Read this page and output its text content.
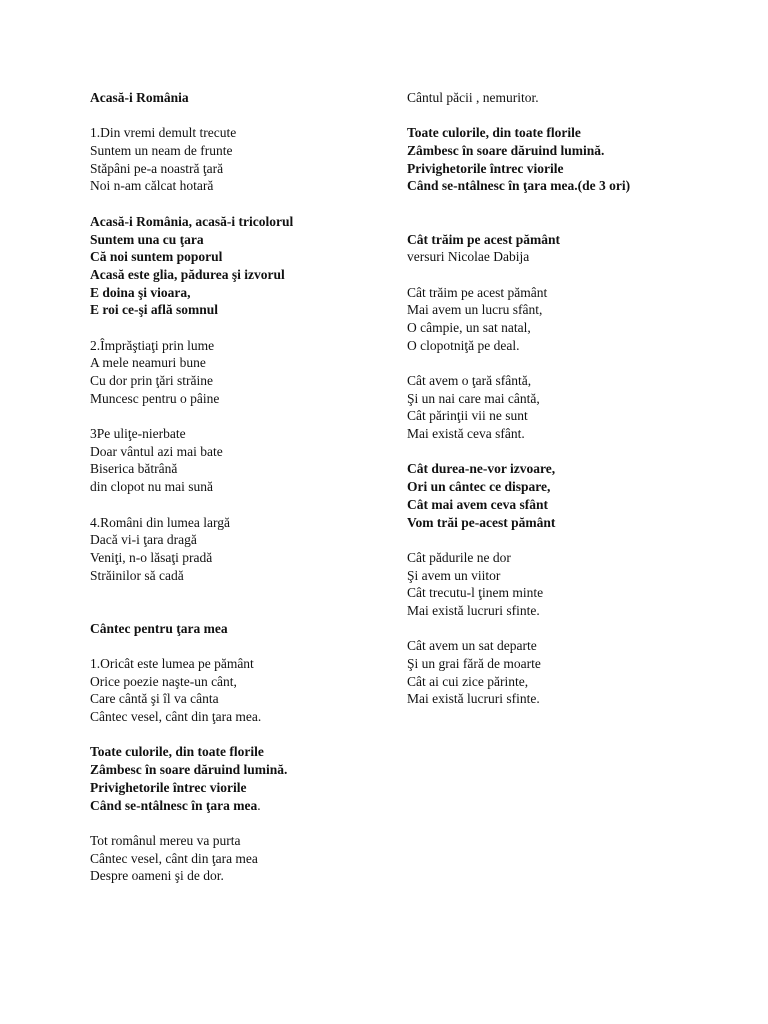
Acasă-i România
1.Din vremi demult trecute
Suntem un neam de frunte
Stăpâni pe-a noastră ţară
Noi n-am călcat hotară
Acasă-i România, acasă-i tricolorul
Suntem una cu ţara
Că noi suntem poporul
Acasă este glia, pădurea şi izvorul
E doina şi vioara,
E roi ce-şi află somnul
2.Împrăştiaţi prin lume
A mele neamuri bune
Cu dor prin ţări străine
Muncesc pentru o pâine
3Pe uliţe-nierbate
Doar vântul azi mai bate
Biserica bătrână
din clopot nu mai sună
4.Români din lumea largă
Dacă vi-i ţara dragă
Veniţi, n-o lăsaţi pradă
Străinilor să cadă
Cântec pentru ţara mea
1.Oricât este lumea pe pământ
Orice poezie naşte-un cânt,
Care cântă şi îl va cânta
Cântec vesel, cânt din ţara mea.
Toate culorile, din toate florile
Zâmbesc în soare dăruind lumină.
Privighetorile întrec viorile
Când se-ntâlnesc în ţara mea.
Tot românul mereu va purta
Cântec vesel, cânt din ţara mea
Despre oameni şi de dor.
Cântul păcii , nemuritor.
Toate culorile, din toate florile
Zâmbesc în soare dăruind lumină.
Privighetorile întrec viorile
Când se-ntâlnesc în ţara mea.(de 3 ori)
Cât trăim pe acest pământ
versuri Nicolae Dabija
Cât trăim pe acest pământ
Mai avem un lucru sfânt,
O câmpie, un sat natal,
O clopotniţă pe deal.
Cât avem o ţară sfântă,
Şi un nai care mai cântă,
Cât părinţii vii ne sunt
Mai există ceva sfânt.
Cât durea-ne-vor izvoare,
Ori un cântec ce dispare,
Cât mai avem ceva sfânt
Vom trăi pe-acest pământ
Cât pădurile ne dor
Şi avem un viitor
Cât trecutu-l ţinem minte
Mai există lucruri sfinte.
Cât avem un sat departe
Şi un grai fără de moarte
Cât ai cui zice părinte,
Mai există lucruri sfinte.
